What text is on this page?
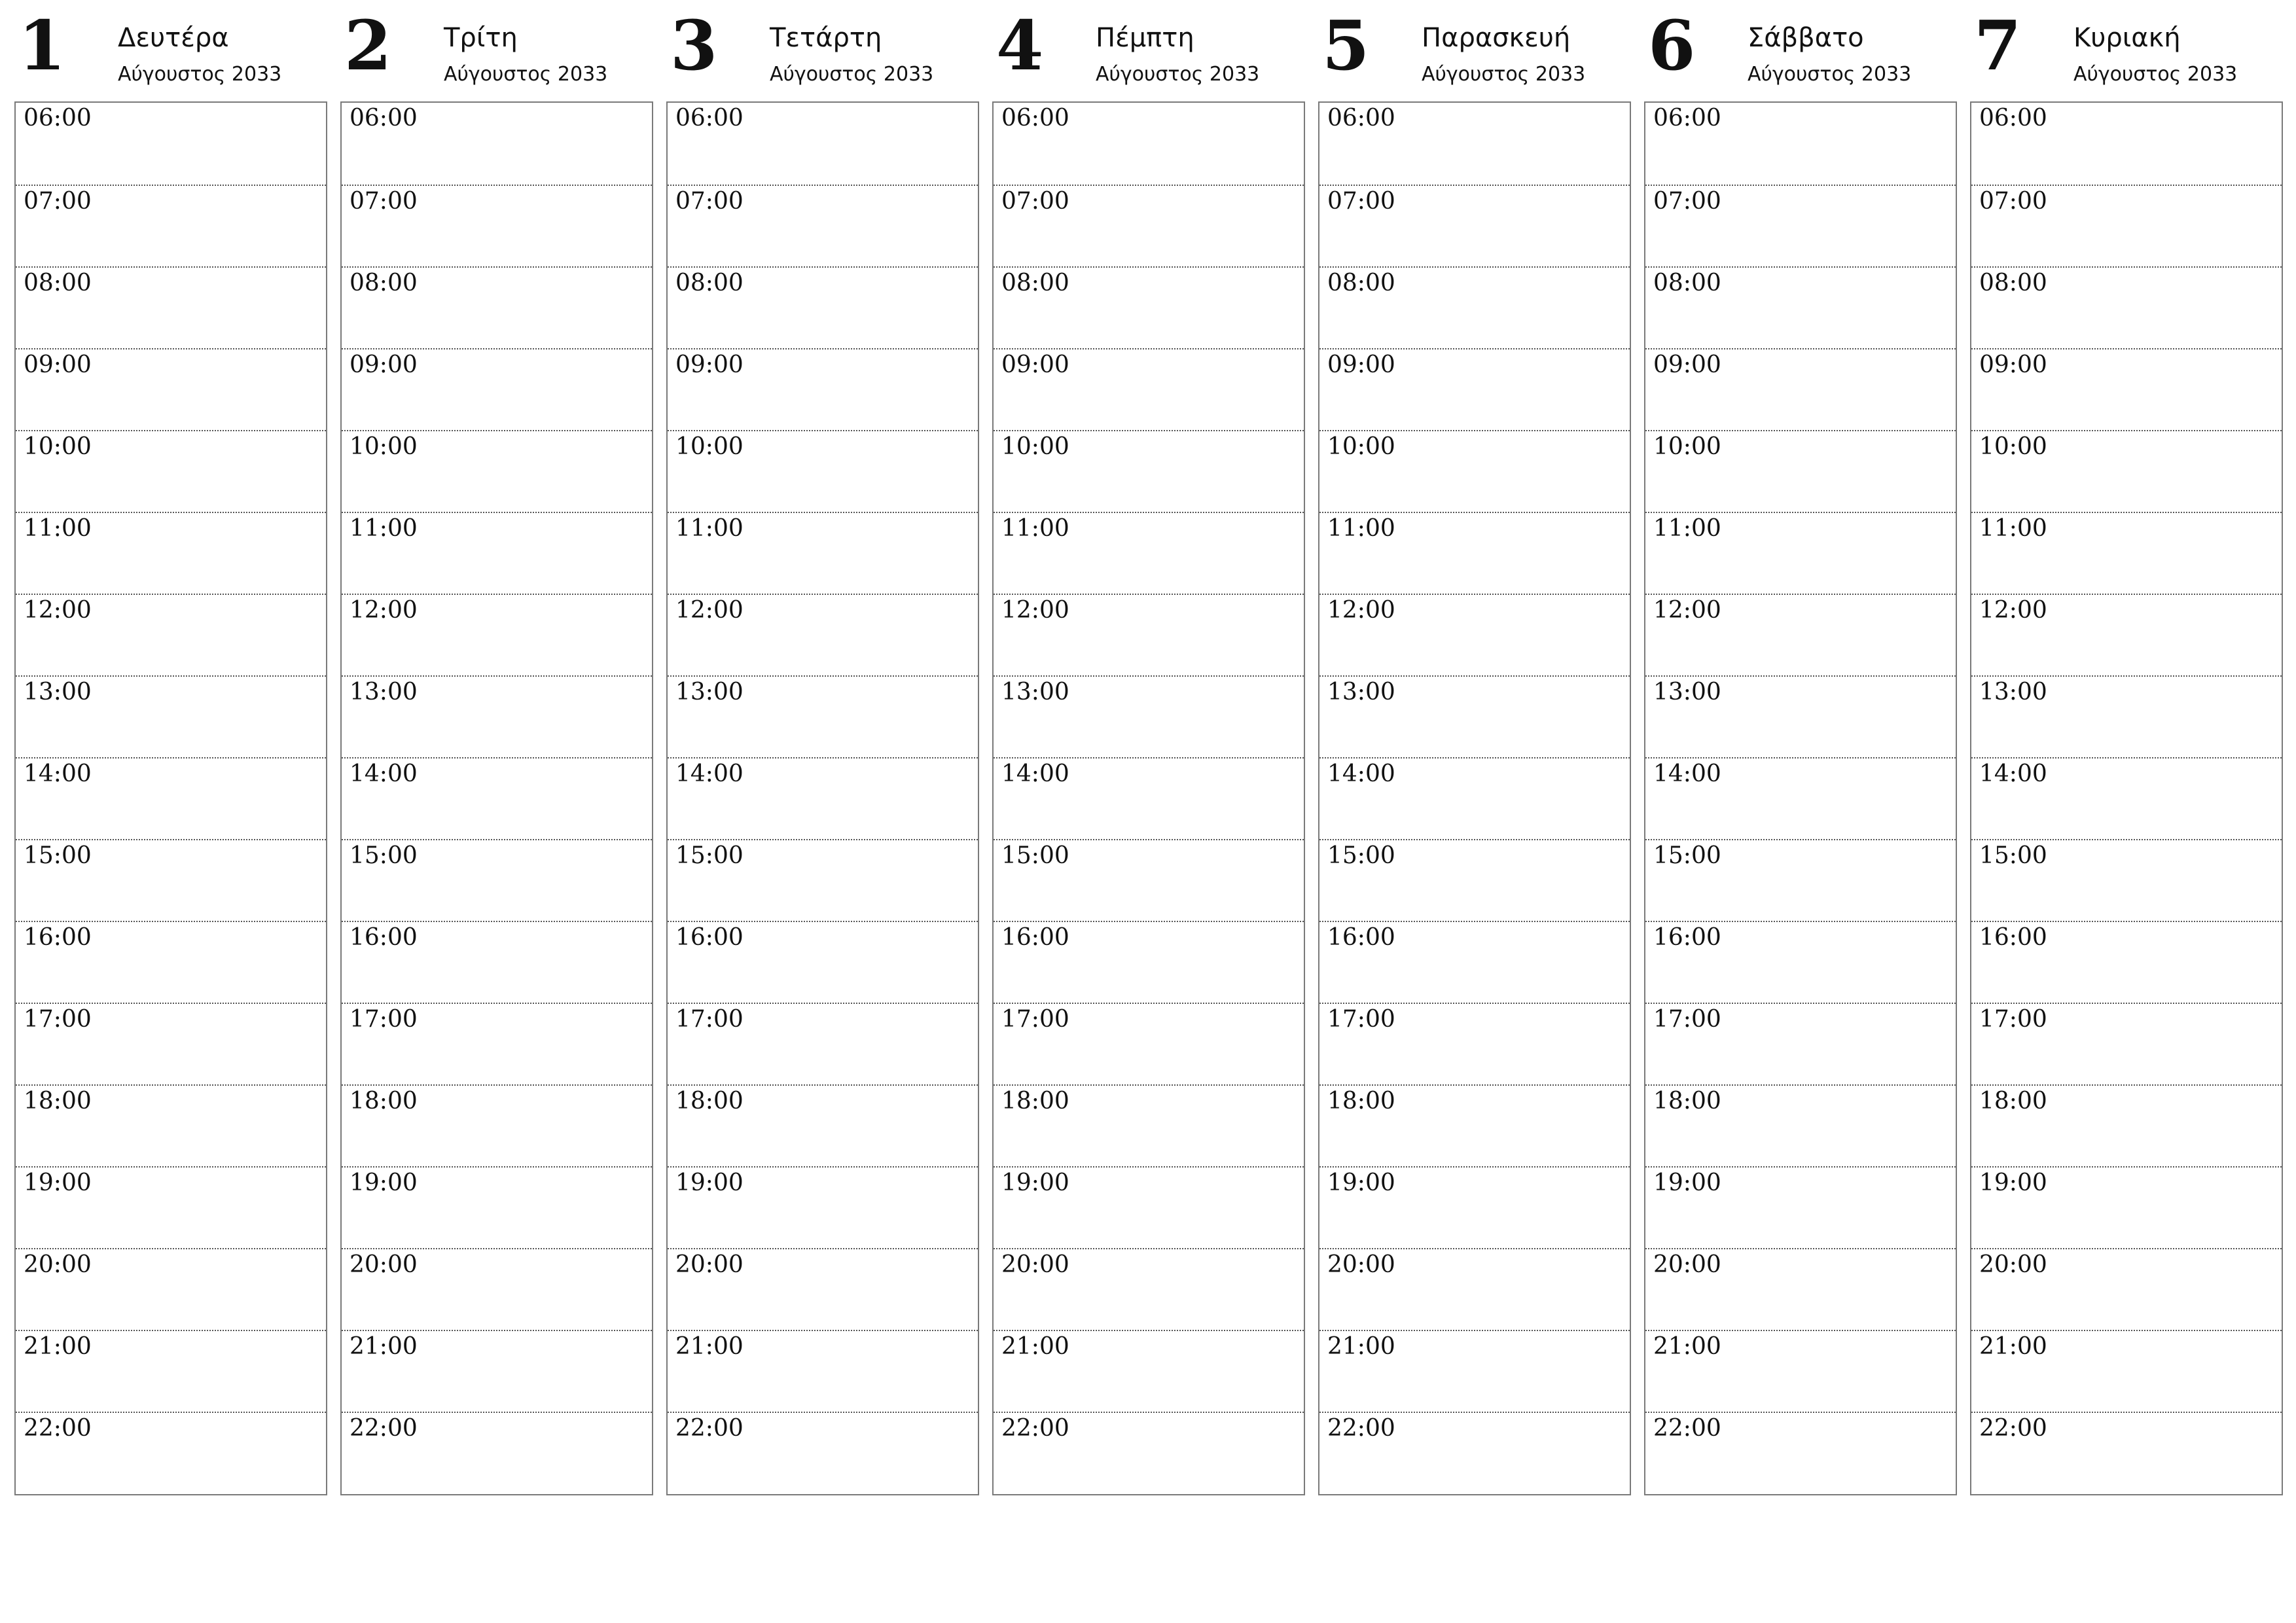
1 Δευτέρα
Αύγουστος 2033
06:00
07:00
08:00
09:00
10:00
11:00
12:00
13:00
14:00
15:00
16:00
17:00
18:00
19:00
20:00
21:00
22:00
2 Τρίτη
Αύγουστος 2033
06:00
07:00
08:00
09:00
10:00
11:00
12:00
13:00
14:00
15:00
16:00
17:00
18:00
19:00
20:00
21:00
22:00
3 Τετάρτη
Αύγουστος 2033
06:00
07:00
08:00
09:00
10:00
11:00
12:00
13:00
14:00
15:00
16:00
17:00
18:00
19:00
20:00
21:00
22:00
4 Πέμπτη
Αύγουστος 2033
06:00
07:00
08:00
09:00
10:00
11:00
12:00
13:00
14:00
15:00
16:00
17:00
18:00
19:00
20:00
21:00
22:00
5 Παρασκευή
Αύγουστος 2033
06:00
07:00
08:00
09:00
10:00
11:00
12:00
13:00
14:00
15:00
16:00
17:00
18:00
19:00
20:00
21:00
22:00
6 Σάββατο
Αύγουστος 2033
06:00
07:00
08:00
09:00
10:00
11:00
12:00
13:00
14:00
15:00
16:00
17:00
18:00
19:00
20:00
21:00
22:00
7 Κυριακή
Αύγουστος 2033
06:00
07:00
08:00
09:00
10:00
11:00
12:00
13:00
14:00
15:00
16:00
17:00
18:00
19:00
20:00
21:00
22:00
